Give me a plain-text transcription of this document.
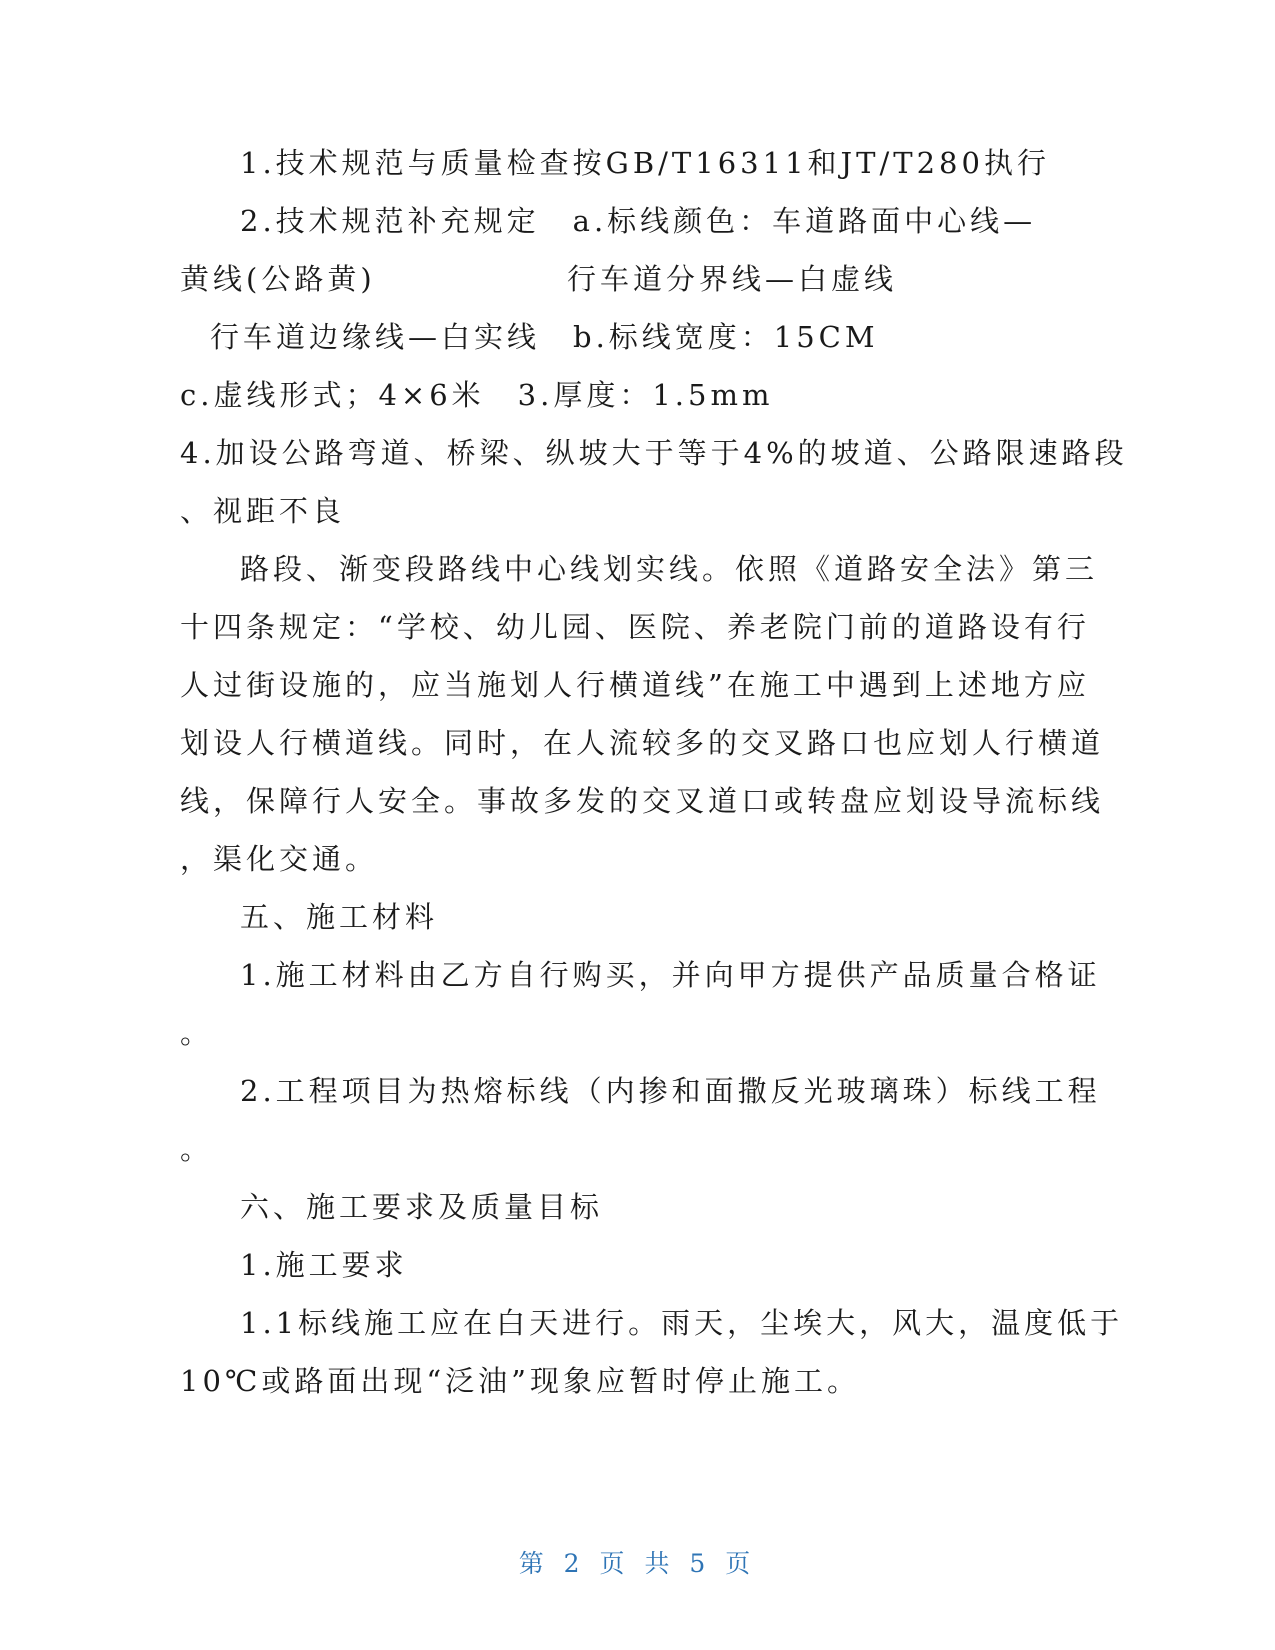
1.技术规范与质量检查按GB/T16311和JT/T280执行
2.技术规范补充规定　a.标线颜色：车道路面中心线—
黄线(公路黄)	行车道分界线—白虚线
行车道边缘线—白实线　b.标线宽度：15CM
c.虚线形式；4×6米　3.厚度：1.5mm
4.加设公路弯道、桥梁、纵坡大于等于4%的坡道、公路限速路段
、视距不良
路段、渐变段路线中心线划实线。依照《道路安全法》第三
十四条规定：“学校、幼儿园、医院、养老院门前的道路设有行
人过街设施的，应当施划人行横道线”在施工中遇到上述地方应
划设人行横道线。同时，在人流较多的交叉路口也应划人行横道
线，保障行人安全。事故多发的交叉道口或转盘应划设导流标线
，渠化交通。
五、施工材料
1.施工材料由乙方自行购买，并向甲方提供产品质量合格证
。
2.工程项目为热熔标线（内掺和面撒反光玻璃珠）标线工程
。
六、施工要求及质量目标
1.施工要求
1.1标线施工应在白天进行。雨天，尘埃大，风大，温度低于
10℃或路面出现“泛油”现象应暂时停止施工。
第 2 页 共 5 页
